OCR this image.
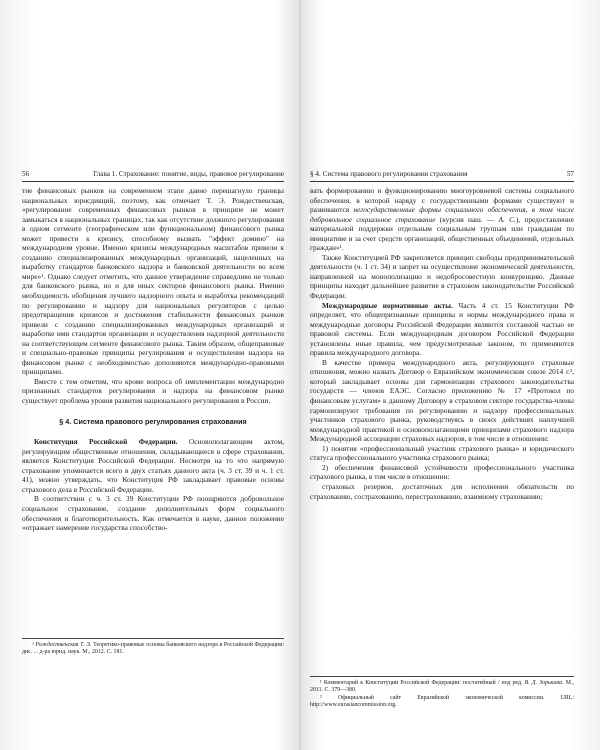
56	Глава 1. Страхование: понятие, виды, правовое регулирование

тие финансовых рынков на современном этапе давно перешагнуло границы национальных юрисдикций, поэтому, как отмечает Т. Э. Рождественская, «регулирование современных финансовых рынков в принципе не может замыкаться в национальных границах, так как отсутствие должного регулирования в одном сегменте (географическом или функциональном) финансового рынка может привести к кризису, способному вызвать "эффект домино" на международном уровне. Именно кризисы международных масштабов привели к созданию специализированных международных организаций, нацеленных на выработку стандартов банковского надзора и банковской деятельности во всем мире»¹. Однако следует отметить, что данное утверждение справедливо не только для банковского рынка, но и для иных секторов финансового рынка. Именно необходимость обобщения лучшего надзорного опыта и выработка рекомендаций по регулированию и надзору для национальных регуляторов с целью предотвращения кризисов и достижения стабильности финансовых рынков привели с созданию специализированных международных организаций и выработке ими стандартов организации и осуществления надзорной деятельности на соответствующем сегменте финансового рынка. Таким образом, общеправовые и специально-правовые принципы регулирования и осуществления надзора на финансовом рынке с необходимостью дополняются международно-правовыми принципами.

Вместе с тем отметим, что кроме вопроса об имплементации международно признанных стандартов регулирования и надзора на финансовом рынке существует проблема уровня развития национального регулирования в России.

§ 4. Система правового регулирования страхования

Конституция Российской Федерации. Основополагающим актом, регулирующим общественные отношения, складывающиеся в сфере страхования, является Конституция Российской Федерации. Несмотря на то что напрямую страхование упоминается всего в двух статьях данного акта (ч. 3 ст. 39 и ч. 1 ст. 41), можно утверждать, что Конституция РФ закладывает правовые основы страхового дела в Российской Федерации.

В соответствии с ч. 3 ст. 39 Конституции РФ поощряются добровольное социальное страхование, создание дополнительных форм социального обеспечения и благотворительность. Как отмечается в науке, данное положение «отражает намерение государства способство-

¹ Рождественская Т. Э. Теоретико-правовые основы банковского надзора в Российской Федерации: дис. ... д-ра юрид. наук. М., 2012. С. 181.

§ 4. Система правового регулирования страхования	57

вать формированию и функционированию многоуровневой системы социального обеспечения, в которой наряду с государственными формами существуют и развиваются негосударственные формы социального обеспечения, в том числе добровольное социальное страхование (курсив наш. — А. С.), предоставление материальной поддержки отдельным социальным группам или гражданам по инициативе и за счет средств организаций, общественных объединений, отдельных граждан»¹.

Также Конституцией РФ закрепляется принцип свободы предпринимательской деятельности (ч. 1 ст. 34) и запрет на осуществление экономической деятельности, направленной на монополизацию и недобросовестную конкуренцию. Данные принципы находят дальнейшее развитие в страховом законодательстве Российской Федерации.

Международные нормативные акты. Часть 4 ст. 15 Конституции РФ определяет, что общепризнанные принципы и нормы международного права и международные договоры Российской Федерации являются составной частью ее правовой системы. Если международным договором Российской Федерации установлены иные правила, чем предусмотренные законом, то применяются правила международного договора.

В качестве примера международного акта, регулирующего страховые отношения, можно назвать Договор о Евразийском экономическом союзе 2014 г.², который закладывает основы для гармонизации страхового законодательства государств — членов ЕАЭС. Согласно приложению № 17 «Протокол по финансовым услугам» к данному Договору в страховом секторе государства-члены гармонизируют требования по регулированию и надзору профессиональных участников страхового рынка, руководствуясь в своих действиях наилучшей международной практикой и основополагающими принципами страхового надзора Международной ассоциации страховых надзоров, в том числе в отношении:

1) понятия «профессиональный участник страхового рынка» и юридического статуса профессионального участника страхового рынка;

2) обеспечения финансовой устойчивости профессионального участника страхового рынка, в том числе в отношении:

страховых резервов, достаточных для исполнения обязательств по страхованию, сострахованию, перестрахованию, взаимному страхованию;

¹ Комментарий к Конституции Российской Федерации: постатейный / под ред. В. Д. Зорькина. М., 2011. С. 379—380.

² Официальный сайт Евразийской экономической комиссии. URL: http://www.eurasiancommission.org.
